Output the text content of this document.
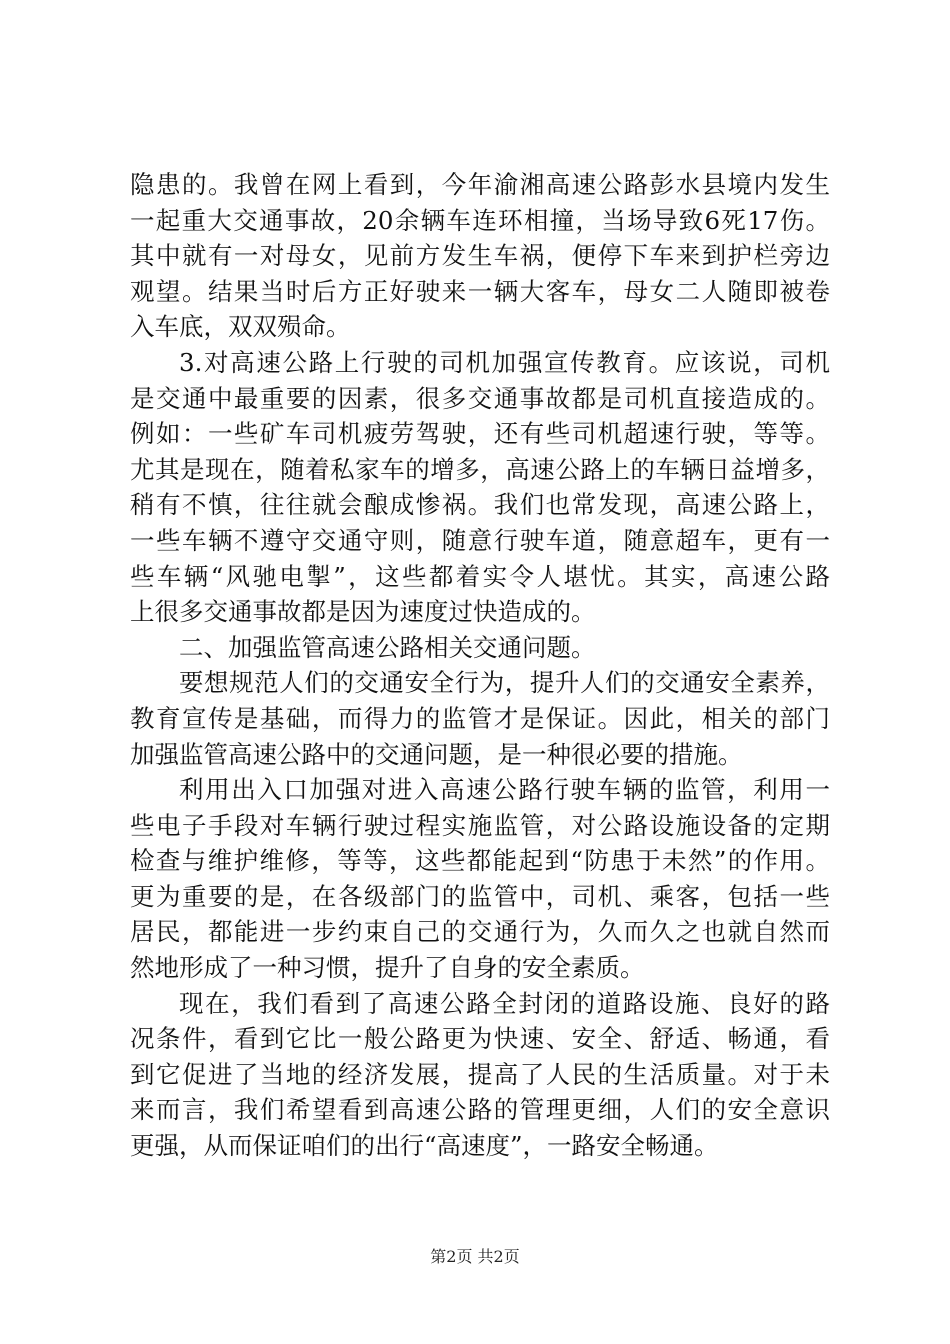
隐患的。我曾在网上看到，今年渝湘高速公路彭水县境内发生
一起重大交通事故，20余辆车连环相撞，当场导致6死17伤。
其中就有一对母女，见前方发生车祸，便停下车来到护栏旁边
观望。结果当时后方正好驶来一辆大客车，母女二人随即被卷
入车底，双双殒命。
3.对高速公路上行驶的司机加强宣传教育。应该说，司机
是交通中最重要的因素，很多交通事故都是司机直接造成的。
例如：一些矿车司机疲劳驾驶，还有些司机超速行驶，等等。
尤其是现在，随着私家车的增多，高速公路上的车辆日益增多，
稍有不慎，往往就会酿成惨祸。我们也常发现，高速公路上，
一些车辆不遵守交通守则，随意行驶车道，随意超车，更有一
些车辆“风驰电掣”，这些都着实令人堪忧。其实，高速公路
上很多交通事故都是因为速度过快造成的。
二、加强监管高速公路相关交通问题。
要想规范人们的交通安全行为，提升人们的交通安全素养，
教育宣传是基础，而得力的监管才是保证。因此，相关的部门
加强监管高速公路中的交通问题，是一种很必要的措施。
利用出入口加强对进入高速公路行驶车辆的监管，利用一
些电子手段对车辆行驶过程实施监管，对公路设施设备的定期
检查与维护维修，等等，这些都能起到“防患于未然”的作用。
更为重要的是，在各级部门的监管中，司机、乘客，包括一些
居民，都能进一步约束自己的交通行为，久而久之也就自然而
然地形成了一种习惯，提升了自身的安全素质。
现在，我们看到了高速公路全封闭的道路设施、良好的路
况条件，看到它比一般公路更为快速、安全、舒适、畅通，看
到它促进了当地的经济发展，提高了人民的生活质量。对于未
来而言，我们希望看到高速公路的管理更细，人们的安全意识
更强，从而保证咱们的出行“高速度”，一路安全畅通。
第2页 共2页
